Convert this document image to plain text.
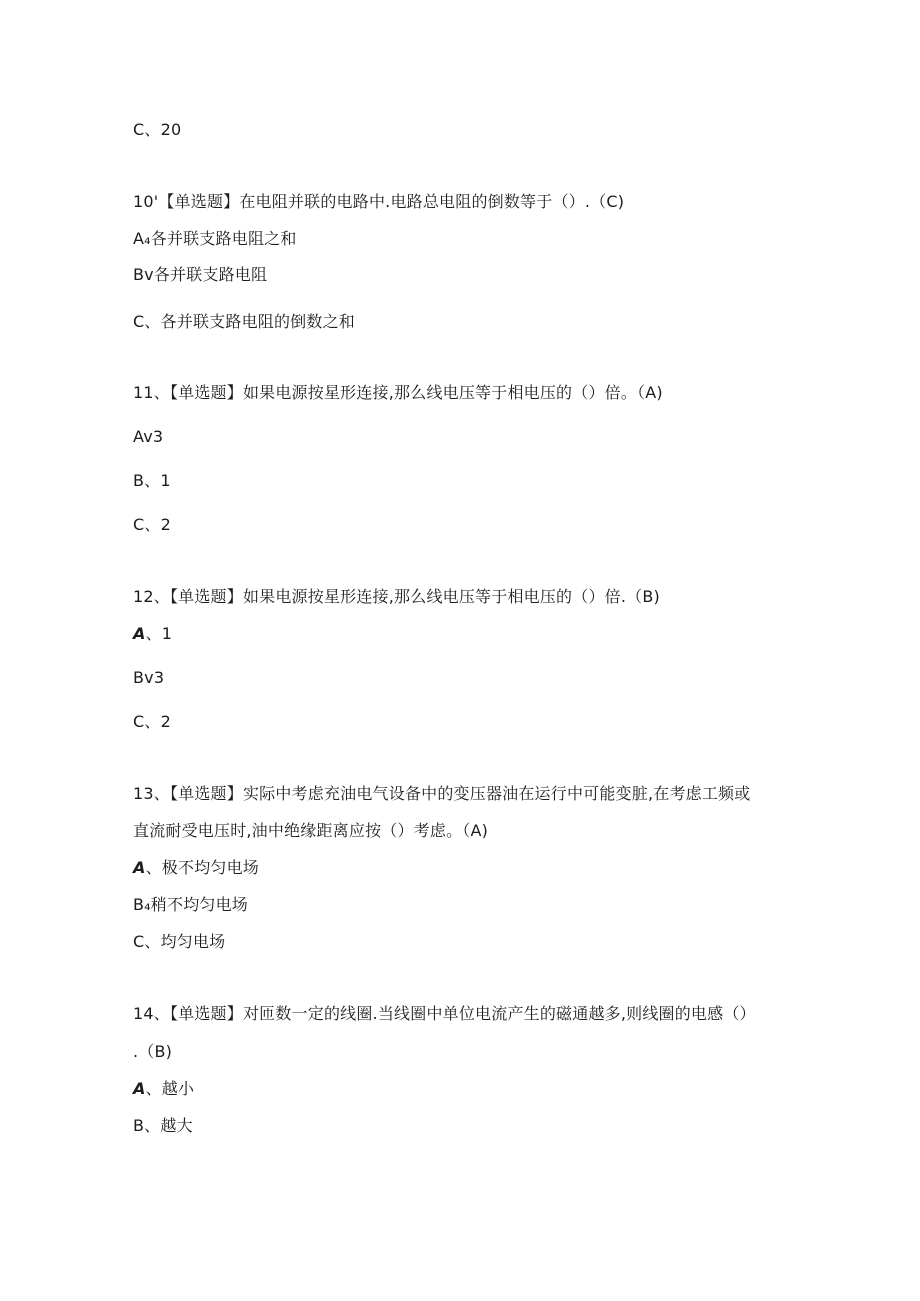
C、20
10'【单选题】在电阻并联的电路中.电路总电阻的倒数等于（）.（C)
A₄各并联支路电阻之和
Bv各并联支路电阻
C、各并联支路电阻的倒数之和
11、【单选题】如果电源按星形连接,那么线电压等于相电压的（）倍。（A)
Av3
B、1
C、2
12、【单选题】如果电源按星形连接,那么线电压等于相电压的（）倍.（B)
A、1
Bv3
C、2
13、【单选题】实际中考虑充油电气设备中的变压器油在运行中可能变脏,在考虑工频或
直流耐受电压时,油中绝缘距离应按（）考虑。（A)
A、极不均匀电场
B₄稍不均匀电场
C、均匀电场
14、【单选题】对匝数一定的线圈.当线圈中单位电流产生的磁通越多,则线圈的电感（）
.（B)
A、越小
B、越大
